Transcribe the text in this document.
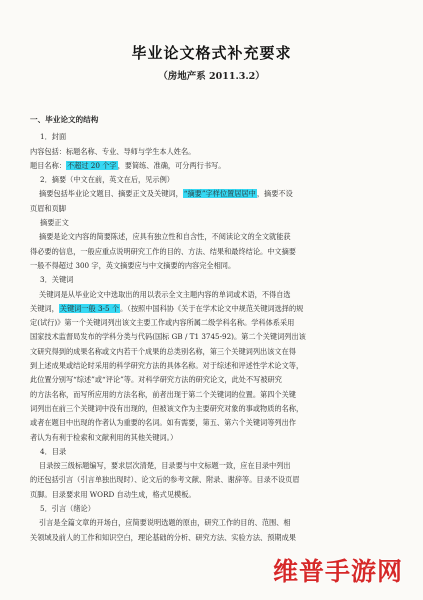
毕业论文格式补充要求
（房地产系 2011.3.2）
一、毕业论文的结构
1．封面
内容包括：标题名称、专业、导师与学生本人姓名。
题目名称：不超过 20 个字，要简练、准确，可分两行书写。
2．摘要（中文在前，英文在后，见示例）
摘要包括毕业论文题目、摘要正文及关键词，“摘要”字样位置居居中，摘要不设
页眉和页脚
摘要正文
摘要是论文内容的简要陈述，应具有独立性和自含性，不阅读论文的全文就能获
得必要的信息，一般应重点说明研究工作的目的、方法、结果和最终结论。中文摘要
一般不得超过 300 字，英文摘要应与中文摘要的内容完全相同。
3．关键词
关键词是从毕业论文中选取出的用以表示全文主题内容的单词或术语，不得自选
关键词，关键词一般 3-5 个。（按照中国科协《关于在学术论文中规范关键词选择的规
定(试行)》第一个关键词列出该文主要工作或内容所属二级学科名称。学科体系采用
国家技术监督局发布的学科分类与代码(国标 GB / T1 3745-92)。第二个关键词列出该
文研究得到的成果名称或文内若干个成果的总类别名称，第三个关键词列出该文在得
到上述成果或结论时采用的科学研究方法的具体名称。对于综述和评述性学术论文等，
此位置分别写“综述”或“评论”等。对科学研究方法的研究论文，此处不写被研究
的方法名称，而写所应用的方法名称，前者出现于第二个关键词的位置。第四个关键
词列出在前三个关键词中没有出现的，但被该文作为主要研究对象的事或物质的名称，
或者在题目中出现的作者认为重要的名词。如有需要，第五、第六个关键词等列出作
者认为有利于检索和文献利用的其他关键词。）
4．目录
目录按三级标题编写，要求层次清楚，目录要与中文标题一致，应在目录中列出
的还包括引言（引言单独出现时）、论文后的参考文献、附录、谢辞等。目录不设页眉
页脚。目录要求用 WORD 自动生成，格式见模板。
5．引言（绪论）
引言是全篇文章的开场白，应简要说明选题的原由，研究工作的目的、范围、相
关领域及前人的工作和知识空白，理论基础的分析、研究方法、实验方法、预期成果
维普手游网
